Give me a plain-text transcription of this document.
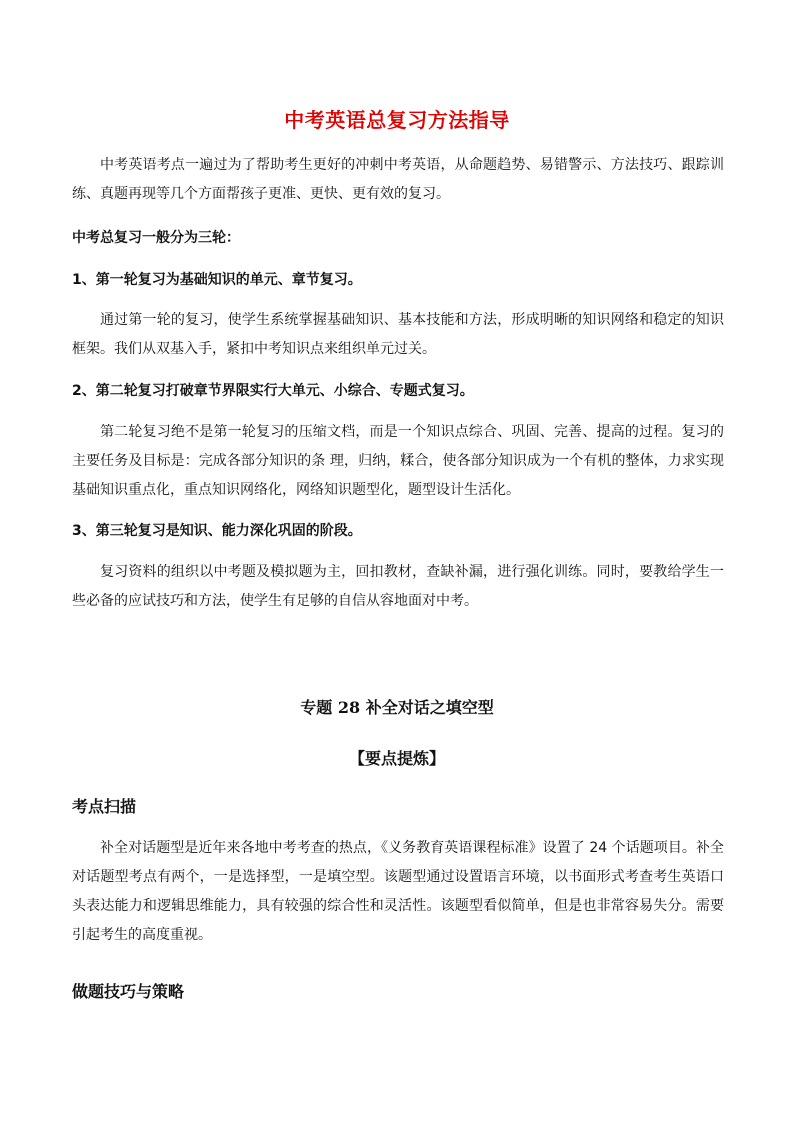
中考英语总复习方法指导
中考英语考点一遍过为了帮助考生更好的冲刺中考英语，从命题趋势、易错警示、方法技巧、跟踪训练、真题再现等几个方面帮孩子更准、更快、更有效的复习。
中考总复习一般分为三轮：
1、第一轮复习为基础知识的单元、章节复习。
通过第一轮的复习，使学生系统掌握基础知识、基本技能和方法，形成明晰的知识网络和稳定的知识框架。我们从双基入手，紧扣中考知识点来组织单元过关。
2、第二轮复习打破章节界限实行大单元、小综合、专题式复习。
第二轮复习绝不是第一轮复习的压缩文档，而是一个知识点综合、巩固、完善、提高的过程。复习的主要任务及目标是：完成各部分知识的条 理，归纳，糅合，使各部分知识成为一个有机的整体，力求实现基础知识重点化，重点知识网络化，网络知识题型化，题型设计生活化。
3、第三轮复习是知识、能力深化巩固的阶段。
复习资料的组织以中考题及模拟题为主，回扣教材，查缺补漏，进行强化训练。同时，要教给学生一些必备的应试技巧和方法，使学生有足够的自信从容地面对中考。
专题 28 补全对话之填空型
【要点提炼】
考点扫描
补全对话题型是近年来各地中考考查的热点，《义务教育英语课程标准》设置了 24 个话题项目。补全对话题型考点有两个，一是选择型，一是填空型。该题型通过设置语言环境，以书面形式考查考生英语口头表达能力和逻辑思维能力，具有较强的综合性和灵活性。该题型看似简单，但是也非常容易失分。需要引起考生的高度重视。
做题技巧与策略
